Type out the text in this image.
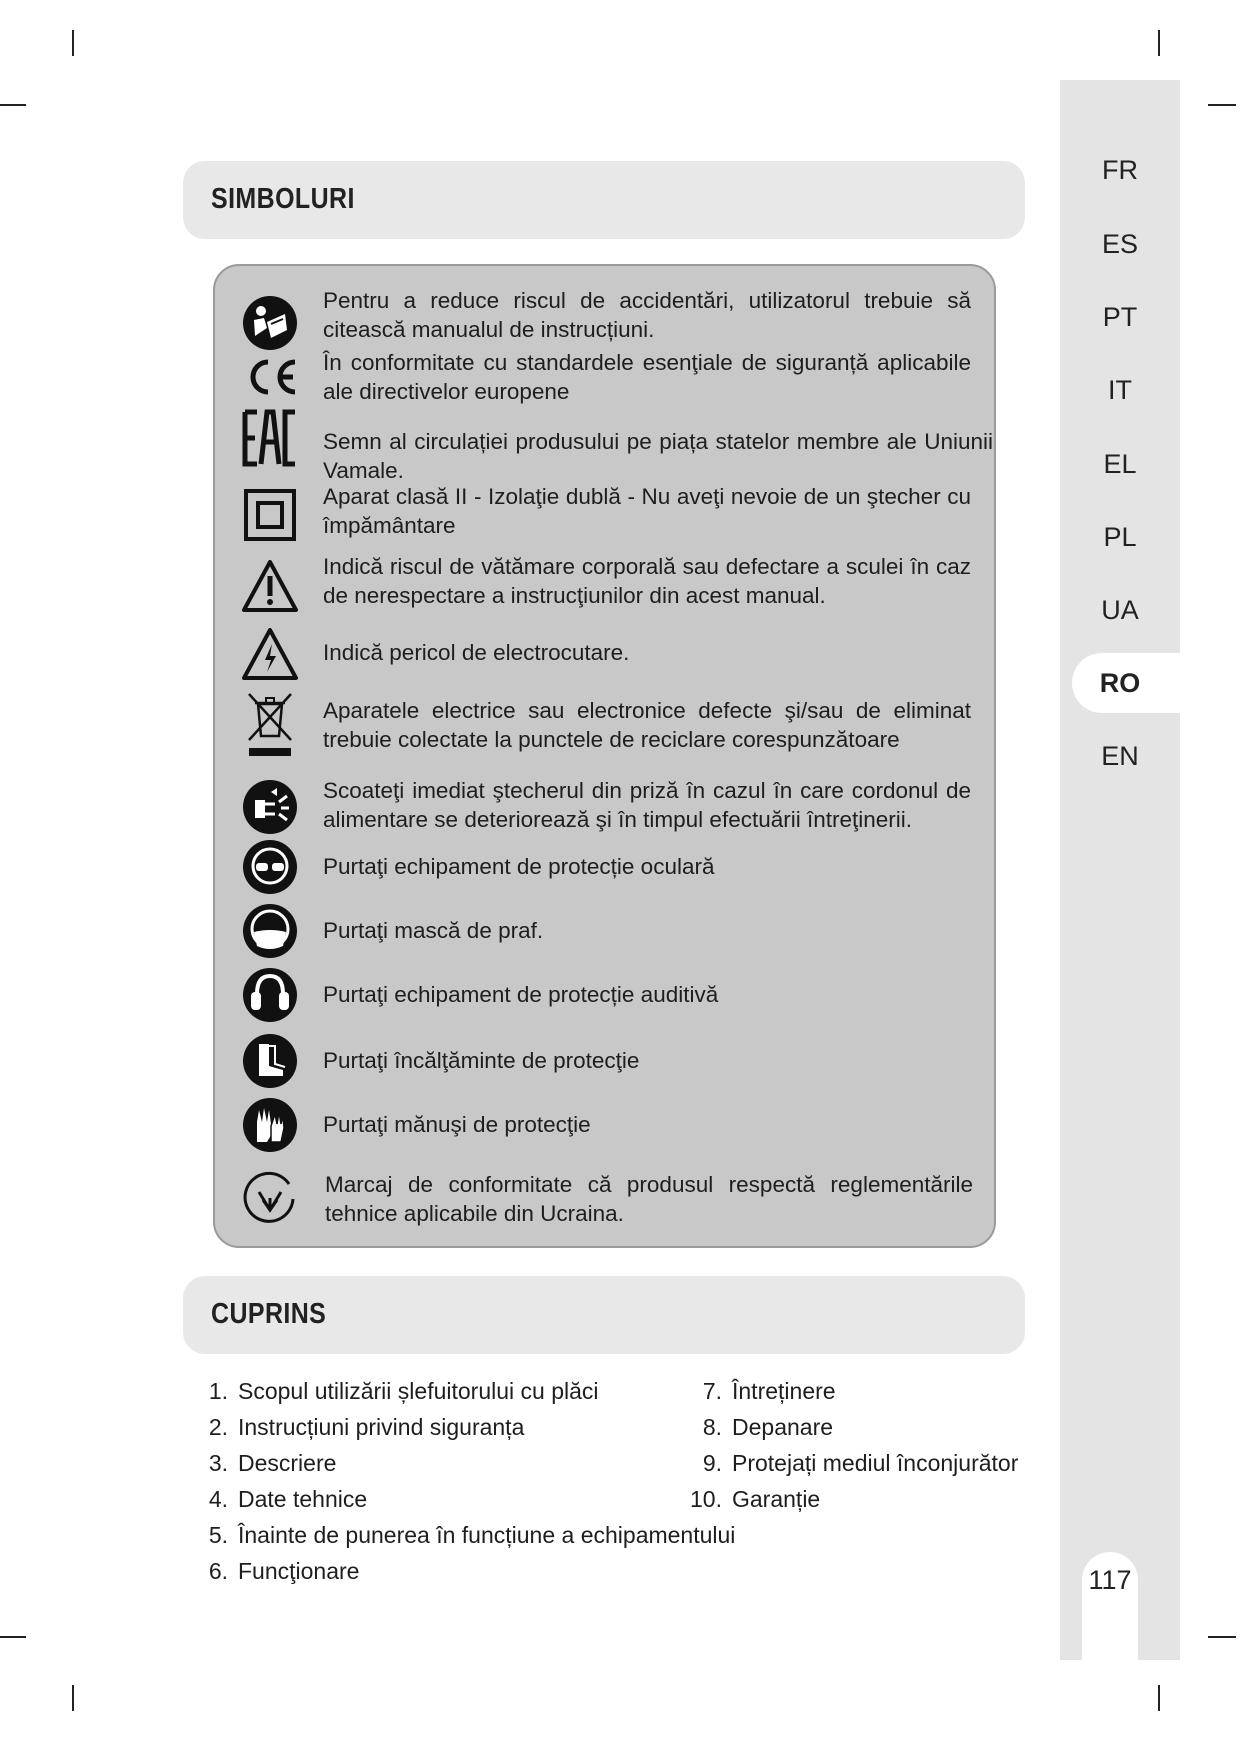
FR
ES
PT
IT
EL
PL
UA
RO
EN
117
SIMBOLURI
Pentru a reduce riscul de accidentări, utilizatorul trebuie să citească manualul de instrucțiuni.
În conformitate cu standardele esenţiale de siguranță aplicabile ale directivelor europene
Semn al circulației produsului pe piața statelor membre ale Uniunii Vamale.
Aparat clasă II - Izolaţie dublă - Nu aveţi nevoie de un ştecher cu împământare
Indică riscul de vătămare corporală sau defectare a sculei în caz de nerespectare a instrucţiunilor din acest manual.
Indică pericol de electrocutare.
Aparatele electrice sau electronice defecte şi/sau de eliminat trebuie colectate la punctele de reciclare corespunzătoare
Scoateţi imediat ştecherul din priză în cazul în care cordonul de alimentare se deteriorează şi în timpul efectuării întreţinerii.
Purtaţi echipament de protecție oculară
Purtaţi mască de praf.
Purtaţi echipament de protecție auditivă
Purtaţi încălţăminte de protecţie
Purtaţi mănuşi de protecţie
Marcaj de conformitate că produsul respectă reglementările tehnice aplicabile din Ucraina.
CUPRINS
1. Scopul utilizării șlefuitorului cu plăci
2. Instrucțiuni privind siguranța
3. Descriere
4. Date tehnice
5. Înainte de punerea în funcțiune a echipamentului
6. Funcţionare
7. Întreținere
8. Depanare
9. Protejați mediul înconjurător
10. Garanție
